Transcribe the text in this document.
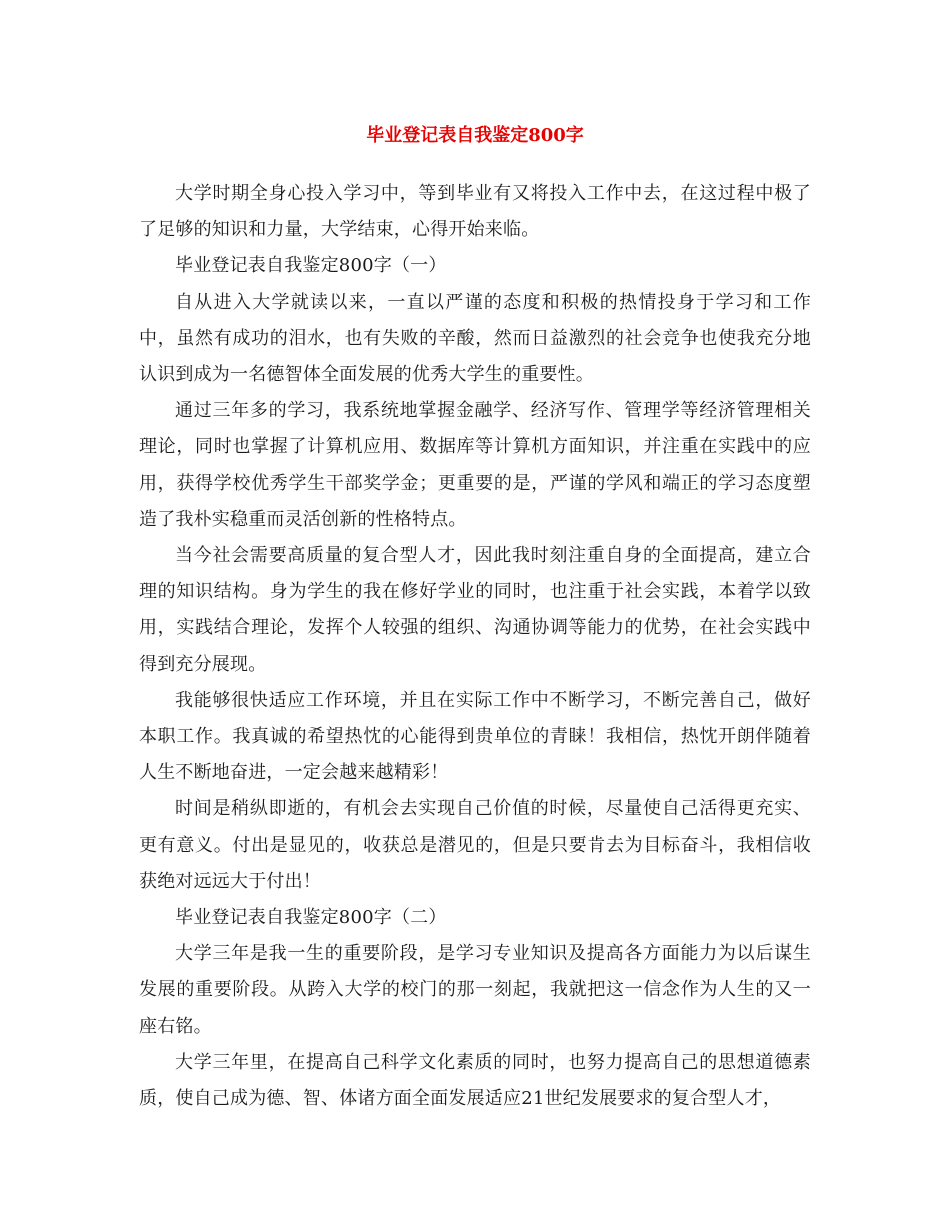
毕业登记表自我鉴定800字

大学时期全身心投入学习中，等到毕业有又将投入工作中去，在这过程中极了了足够的知识和力量，大学结束，心得开始来临。

毕业登记表自我鉴定800字（一）

自从进入大学就读以来，一直以严谨的态度和积极的热情投身于学习和工作中，虽然有成功的泪水，也有失败的辛酸，然而日益激烈的社会竞争也使我充分地认识到成为一名德智体全面发展的优秀大学生的重要性。

通过三年多的学习，我系统地掌握金融学、经济写作、管理学等经济管理相关理论，同时也掌握了计算机应用、数据库等计算机方面知识，并注重在实践中的应用，获得学校优秀学生干部奖学金；更重要的是，严谨的学风和端正的学习态度塑造了我朴实稳重而灵活创新的性格特点。

当今社会需要高质量的复合型人才，因此我时刻注重自身的全面提高，建立合理的知识结构。身为学生的我在修好学业的同时，也注重于社会实践，本着学以致用，实践结合理论，发挥个人较强的组织、沟通协调等能力的优势，在社会实践中得到充分展现。

我能够很快适应工作环境，并且在实际工作中不断学习，不断完善自己，做好本职工作。我真诚的希望热忱的心能得到贵单位的青睐！我相信，热忱开朗伴随着人生不断地奋进，一定会越来越精彩！

时间是稍纵即逝的，有机会去实现自己价值的时候，尽量使自己活得更充实、更有意义。付出是显见的，收获总是潜见的，但是只要肯去为目标奋斗，我相信收获绝对远远大于付出！

毕业登记表自我鉴定800字（二）

大学三年是我一生的重要阶段，是学习专业知识及提高各方面能力为以后谋生发展的重要阶段。从跨入大学的校门的那一刻起，我就把这一信念作为人生的又一座右铭。

大学三年里，在提高自己科学文化素质的同时，也努力提高自己的思想道德素质，使自己成为德、智、体诸方面全面发展适应21世纪发展要求的复合型人才，
